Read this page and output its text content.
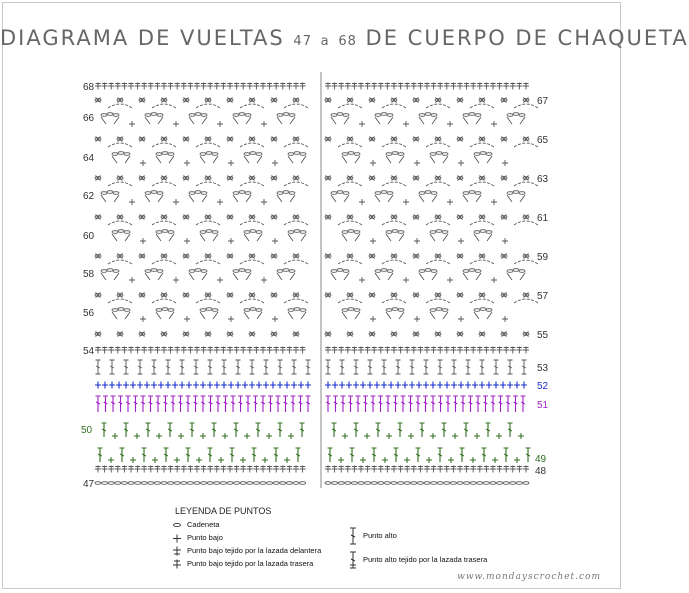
DIAGRAMA DE VUELTAS 47 a 68 DE CUERPO DE CHAQUETA
68
66
64
62
60
58
56
54
50
47
67
65
63
61
59
57
55
53
52
51
49
48
LEYENDA DE PUNTOS
Cadeneta
Punto bajo
Punto bajo tejido por la lazada delantera
Punto bajo tejido por la lazada trasera
Punto alto
Punto alto tejido por la lazada trasera
www.mondayscrochet.com
